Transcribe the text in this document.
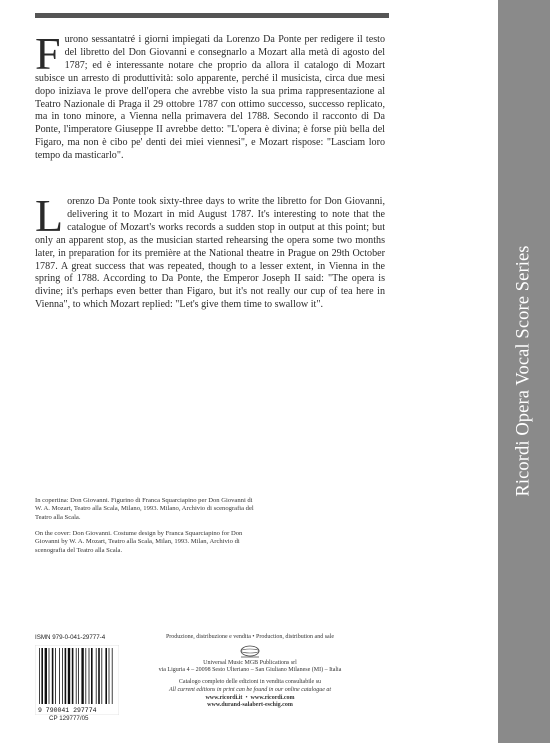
Furono sessantatré i giorni impiegati da Lorenzo Da Ponte per redigere il testo del libretto del Don Giovanni e consegnarlo a Mozart alla metà di agosto del 1787; ed è interessante notare che proprio da allora il catalogo di Mozart subisce un arresto di produttività: solo apparente, perché il musicista, circa due mesi dopo iniziava le prove dell'opera che avrebbe visto la sua prima rappresentazione al Teatro Nazionale di Praga il 29 ottobre 1787 con ottimo successo, successo replicato, ma in tono minore, a Vienna nella primavera del 1788. Secondo il racconto di Da Ponte, l'imperatore Giuseppe II avrebbe detto: "L'opera è divina; è forse più bella del Figaro, ma non è cibo pe' denti dei miei viennesi", e Mozart rispose: "Lasciam loro tempo da masticarlo".

Lorenzo Da Ponte took sixty-three days to write the libretto for Don Giovanni, delivering it to Mozart in mid August 1787. It's interesting to note that the catalogue of Mozart's works records a sudden stop in output at this point; but only an apparent stop, as the musician started rehearsing the opera some two months later, in preparation for its première at the National theatre in Prague on 29th October 1787. A great success that was repeated, though to a lesser extent, in Vienna in the spring of 1788. According to Da Ponte, the Emperor Joseph II said: "The opera is divine; it's perhaps even better than Figaro, but it's not really our cup of tea here in Vienna", to which Mozart replied: "Let's give them time to swallow it".

In copertina: Don Giovanni. Figurino di Franca Squarciapino per Don Giovanni di W. A. Mozart, Teatro alla Scala, Milano, 1993. Milano, Archivio di scenografia del Teatro alla Scala.

On the cover: Don Giovanni. Costume design by Franca Squarciapino for Don Giovanni by W. A. Mozart, Teatro alla Scala, Milan, 1993. Milan, Archivio di scenografia del Teatro alla Scala.

ISMN 979-0-041-29777-4
9 790041 297774
CP 129777/05
Produzione, distribuzione e vendita • Production, distribution and sale
Universal Music MGB Publications srl
via Liguria 4 – 20098 Sesto Ulteriano – San Giuliano Milanese (MI) – Italia
Catalogo completo delle edizioni in vendita consultabile su
All current editions in print can be found in our online catalogue at
www.ricordi.it  •  www.ricordi.com
www.durand-salabert-eschig.com
Ricordi Opera Vocal Score Series
